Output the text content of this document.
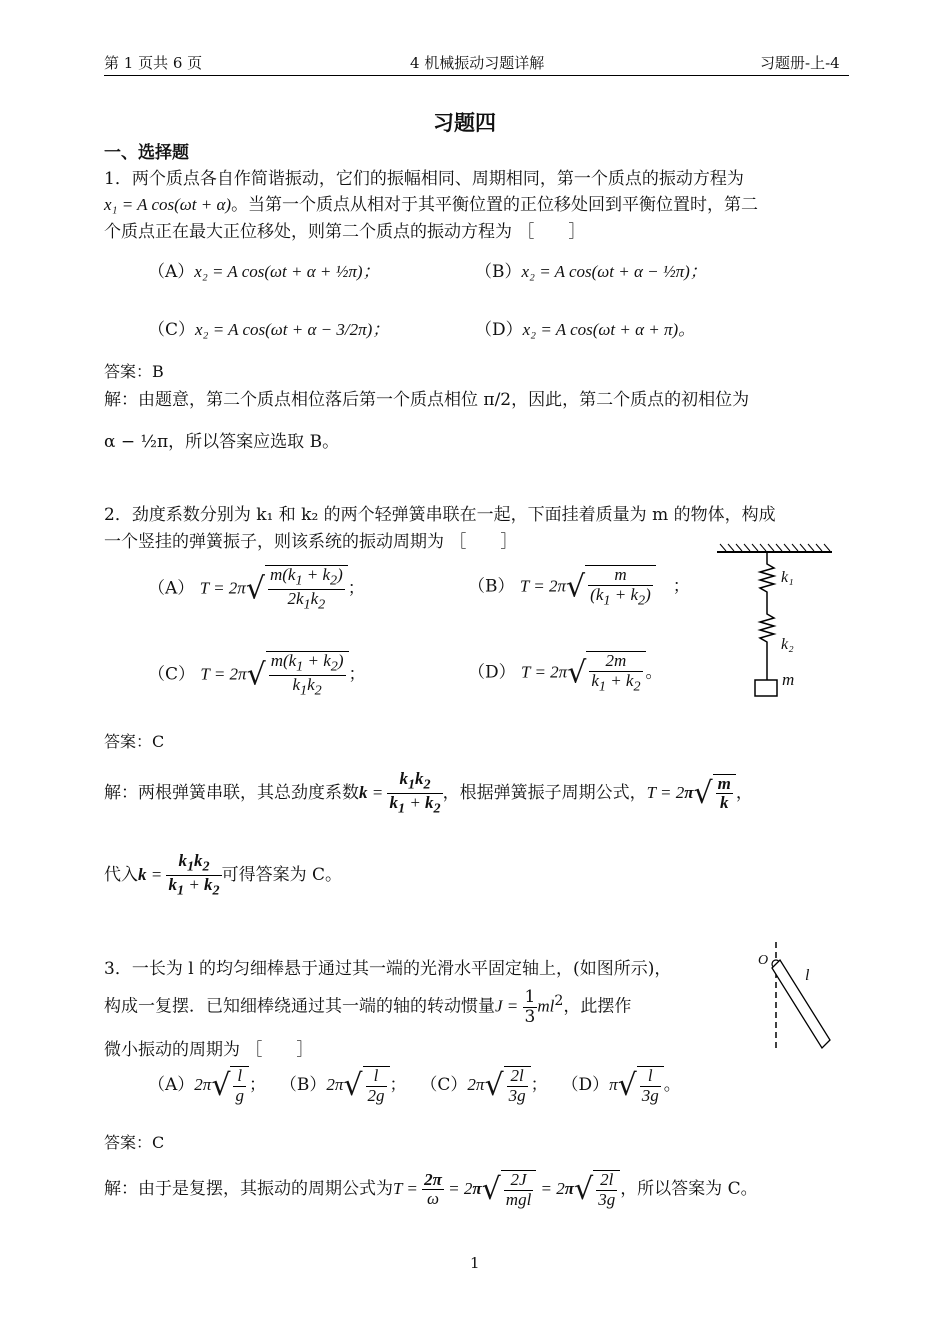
第 1 页共 6 页	4 机械振动习题详解	习题册-上-4
习题四
一、选择题
1．两个质点各自作简谐振动，它们的振幅相同、周期相同，第一个质点的振动方程为
x₁ = A cos(ωt + α)。当第一个质点从相对于其平衡位置的正位移处回到平衡位置时，第二
个质点正在最大正位移处，则第二个质点的振动方程为 ［　　］
（A）x₂ = A cos(ωt + α + ½π)；	（B）x₂ = A cos(ωt + α − ½π)；
（C）x₂ = A cos(ωt + α − 3/2π)；	（D）x₂ = A cos(ωt + α + π)。
答案：B
解：由题意，第二个质点相位落后第一个质点相位 π/2，因此，第二个质点的初相位为
α − ½π，所以答案应选取 B。
2．劲度系数分别为 k₁ 和 k₂ 的两个轻弹簧串联在一起，下面挂着质量为 m 的物体，构成
一个竖挂的弹簧振子，则该系统的振动周期为 ［　　］
（A） $T = 2\pi√ \frac{m(k_1 + k_2)}{2k_1k_2}$ ；	（B） $T = 2\pi√ \frac{m}{(k_1 + k_2)}$ 　；
（C） $T = 2\pi√ \frac{m(k_1 + k_2)}{k_1k_2}$ ；	（D） $T = 2\pi√ \frac{2m}{k_1 + k_2}$ 。
k₁
k₂
m
答案：C
解：两根弹簧串联，其总劲度系数$k = \frac{k_1k_2}{k_1 + k_2}$ ，根据弹簧振子周期公式，$T = 2\pi√ \frac{m}{k}$ ，
代入$k = \frac{k_1k_2}{k_1 + k_2}$ 可得答案为 C。
3．一长为 l 的均匀细棒悬于通过其一端的光滑水平固定轴上，(如图所示)，
构成一复摆．已知细棒绕通过其一端的轴的转动惯量$J = \frac{1}{3} ml^2$，此摆作
微小振动的周期为 ［　　］
O
l
$(A)2\pi√ \frac{l}{g}$ ；　 $(B)2\pi√ \frac{l}{2g}$ ；　 $(C)2\pi√ \frac{2l}{3g}$ ；　 $(D)\pi√ \frac{l}{3g}$ 。
答案：C
解：由于是复摆，其振动的周期公式为$T = \frac{2\pi}{\omega} = 2\pi√ \frac{2J}{\text{mgl}} = 2\pi√ \frac{2l}{3g}$ ，所以答案为 C。
1
